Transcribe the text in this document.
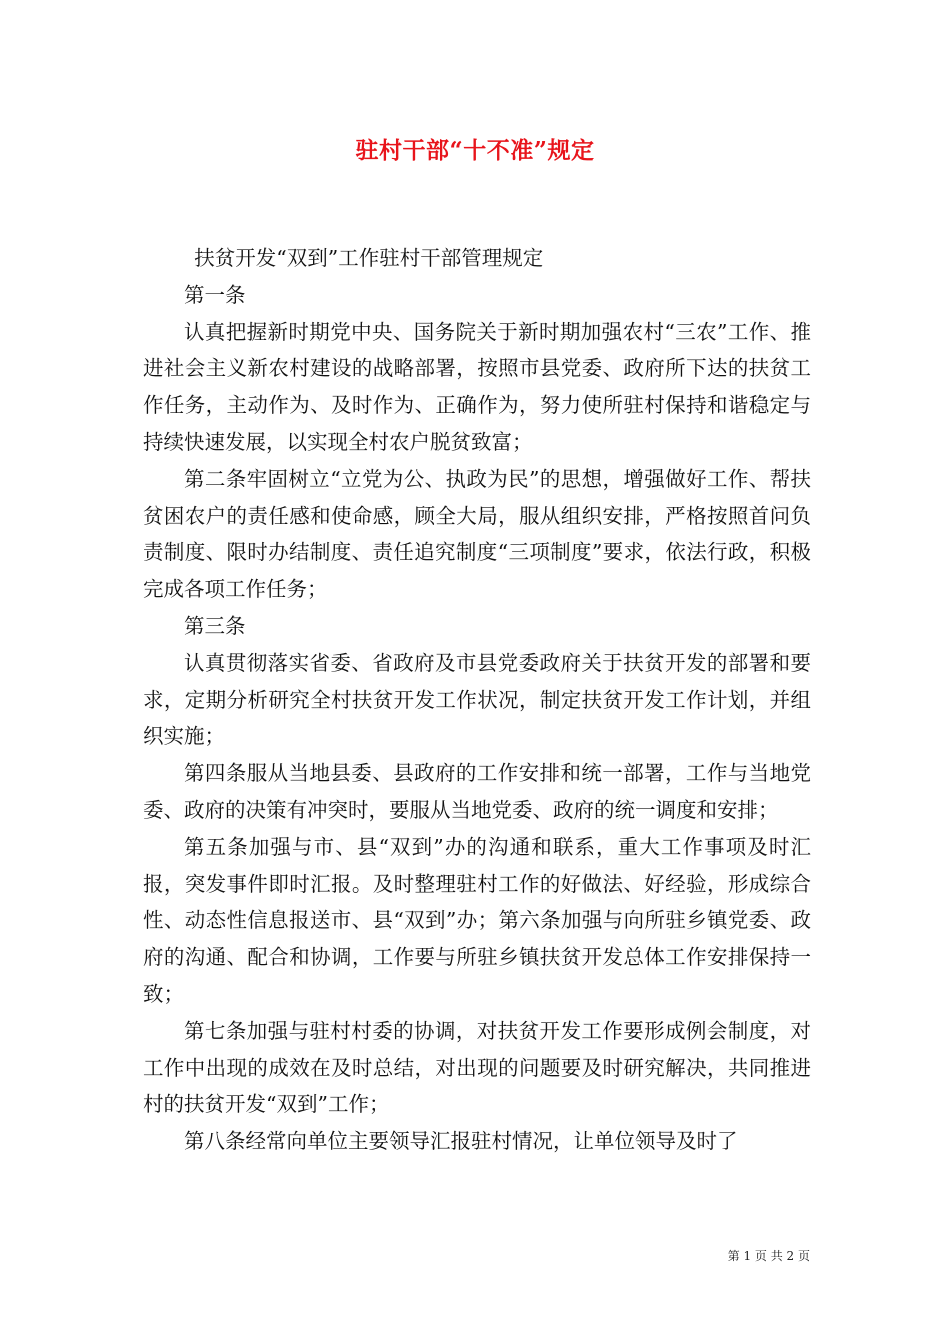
驻村干部“十不准”规定

扶贫开发“双到”工作驻村干部管理规定

第一条

认真把握新时期党中央、国务院关于新时期加强农村“三农”工作、推进社会主义新农村建设的战略部署，按照市县党委、政府所下达的扶贫工作任务，主动作为、及时作为、正确作为，努力使所驻村保持和谐稳定与持续快速发展，以实现全村农户脱贫致富；

第二条牢固树立“立党为公、执政为民”的思想，增强做好工作、帮扶贫困农户的责任感和使命感，顾全大局，服从组织安排，严格按照首问负责制度、限时办结制度、责任追究制度“三项制度”要求，依法行政，积极完成各项工作任务；

第三条

认真贯彻落实省委、省政府及市县党委政府关于扶贫开发的部署和要求，定期分析研究全村扶贫开发工作状况，制定扶贫开发工作计划，并组织实施；

第四条服从当地县委、县政府的工作安排和统一部署，工作与当地党委、政府的决策有冲突时，要服从当地党委、政府的统一调度和安排；

第五条加强与市、县“双到”办的沟通和联系，重大工作事项及时汇报，突发事件即时汇报。及时整理驻村工作的好做法、好经验，形成综合性、动态性信息报送市、县“双到”办；第六条加强与向所驻乡镇党委、政府的沟通、配合和协调，工作要与所驻乡镇扶贫开发总体工作安排保持一致；

第七条加强与驻村村委的协调，对扶贫开发工作要形成例会制度，对工作中出现的成效在及时总结，对出现的问题要及时研究解决，共同推进村的扶贫开发“双到”工作；

第八条经常向单位主要领导汇报驻村情况，让单位领导及时了

第 1 页 共 2 页
